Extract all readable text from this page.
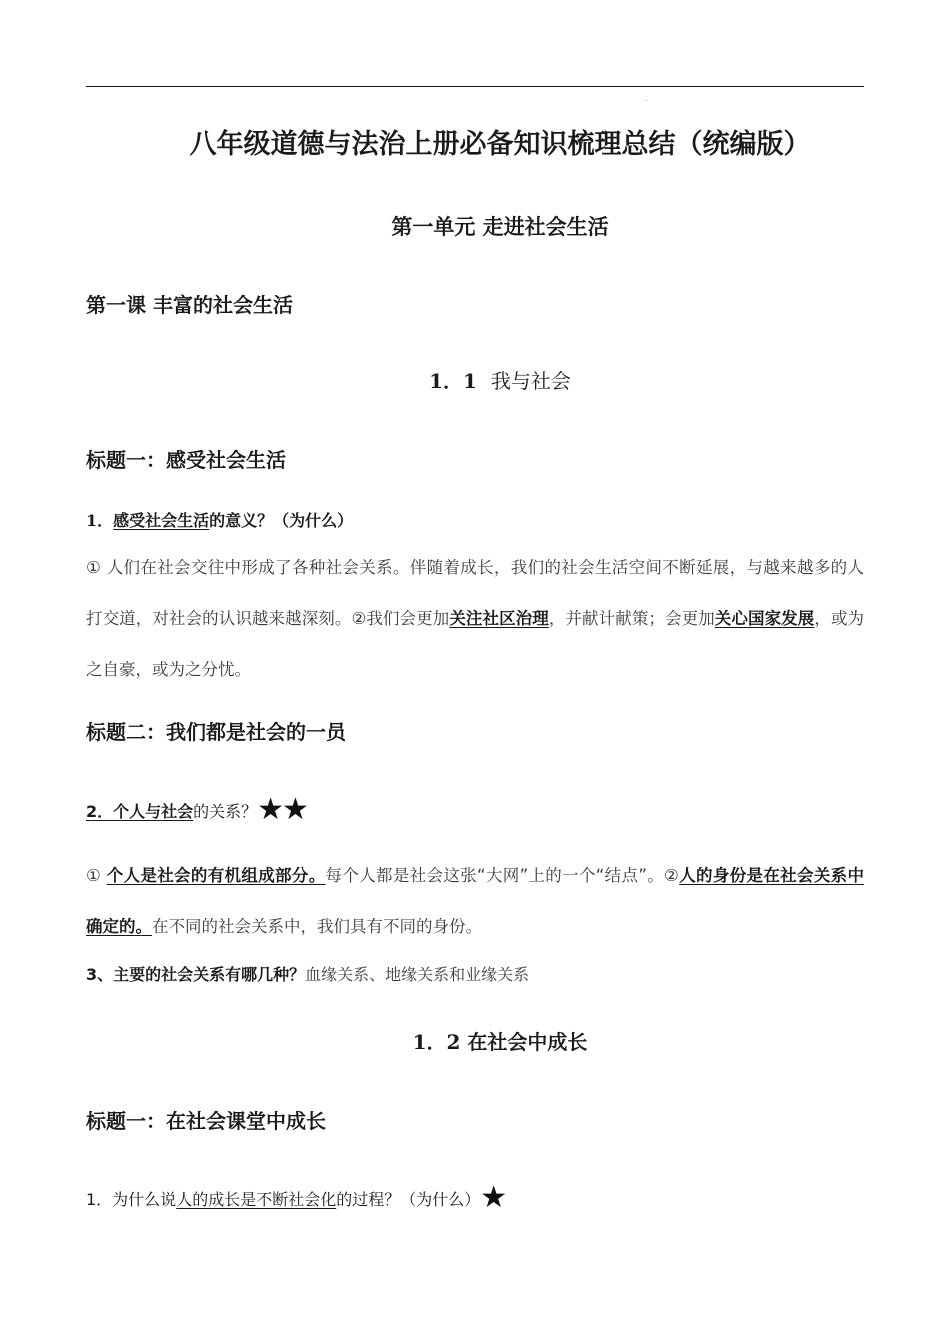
八年级道德与法治上册必备知识梳理总结（统编版）
第一单元 走进社会生活
第一课 丰富的社会生活
1．1 我与社会
标题一：感受社会生活
1．感受社会生活的意义？（为什么）
① 人们在社会交往中形成了各种社会关系。伴随着成长，我们的社会生活空间不断延展，与越来越多的人打交道，对社会的认识越来越深刻。②我们会更加关注社区治理，并献计献策；会更加关心国家发展，或为之自豪，或为之分忧。
标题二：我们都是社会的一员
2．个人与社会的关系？★★
① 个人是社会的有机组成部分。每个人都是社会这张“大网”上的一个“结点”。②人的身份是在社会关系中确定的。在不同的社会关系中，我们具有不同的身份。
3、主要的社会关系有哪几种？血缘关系、地缘关系和业缘关系
1．2 在社会中成长
标题一：在社会课堂中成长
1．为什么说人的成长是不断社会化的过程？（为什么）★
